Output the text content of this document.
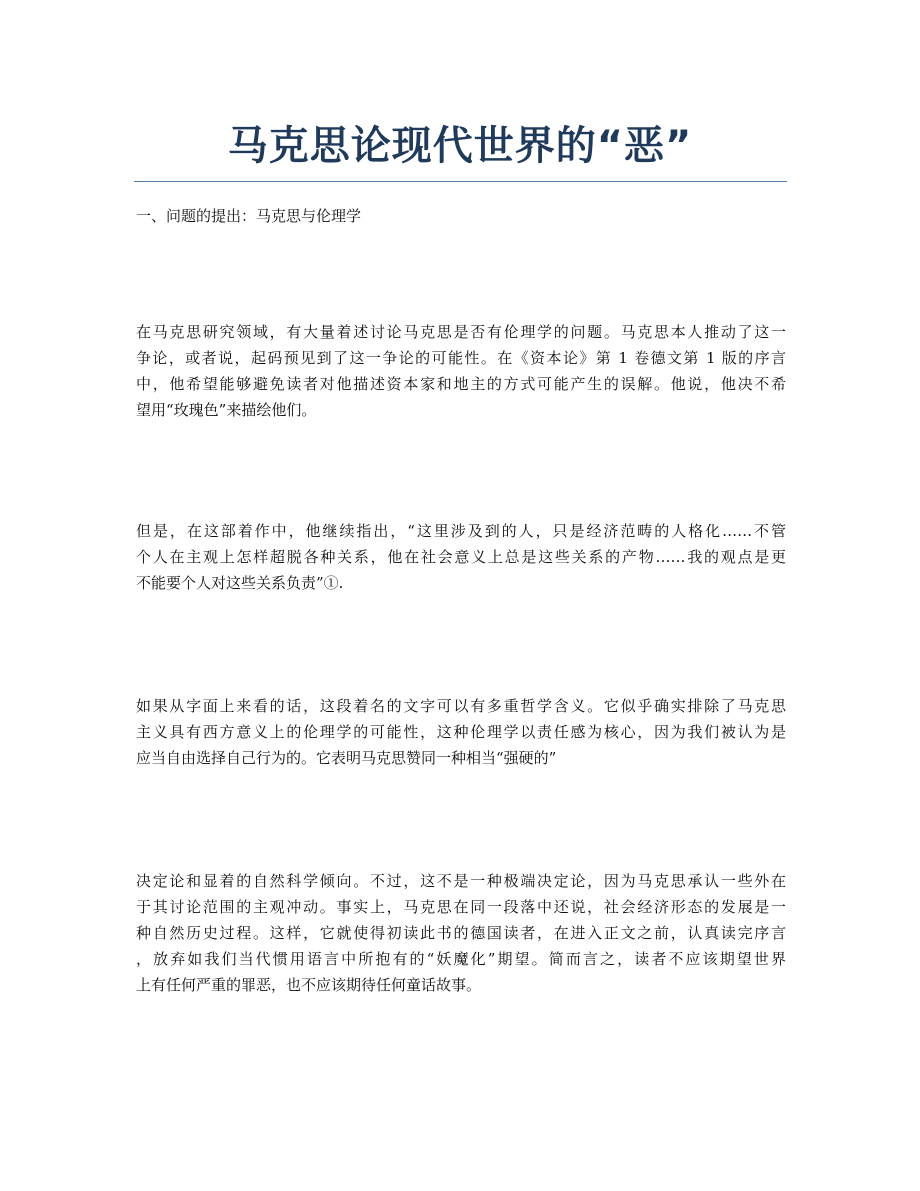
马克思论现代世界的“恶”
一、问题的提出：马克思与伦理学
在马克思研究领域，有大量着述讨论马克思是否有伦理学的问题。马克思本人推动了这一
争论，或者说，起码预见到了这一争论的可能性。在《资本论》第 1 卷德文第 1 版的序言
中，他希望能够避免读者对他描述资本家和地主的方式可能产生的误解。他说，他决不希
望用“玫瑰色”来描绘他们。
但是，在这部着作中，他继续指出，“这里涉及到的人，只是经济范畴的人格化……不管
个人在主观上怎样超脱各种关系，他在社会意义上总是这些关系的产物……我的观点是更
不能要个人对这些关系负责”①.
如果从字面上来看的话，这段着名的文字可以有多重哲学含义。它似乎确实排除了马克思
主义具有西方意义上的伦理学的可能性，这种伦理学以责任感为核心，因为我们被认为是
应当自由选择自己行为的。它表明马克思赞同一种相当“强硬的”
决定论和显着的自然科学倾向。不过，这不是一种极端决定论，因为马克思承认一些外在
于其讨论范围的主观冲动。事实上，马克思在同一段落中还说，社会经济形态的发展是一
种自然历史过程。这样，它就使得初读此书的德国读者，在进入正文之前，认真读完序言
，放弃如我们当代惯用语言中所抱有的“妖魔化”期望。简而言之，读者不应该期望世界
上有任何严重的罪恶，也不应该期待任何童话故事。
